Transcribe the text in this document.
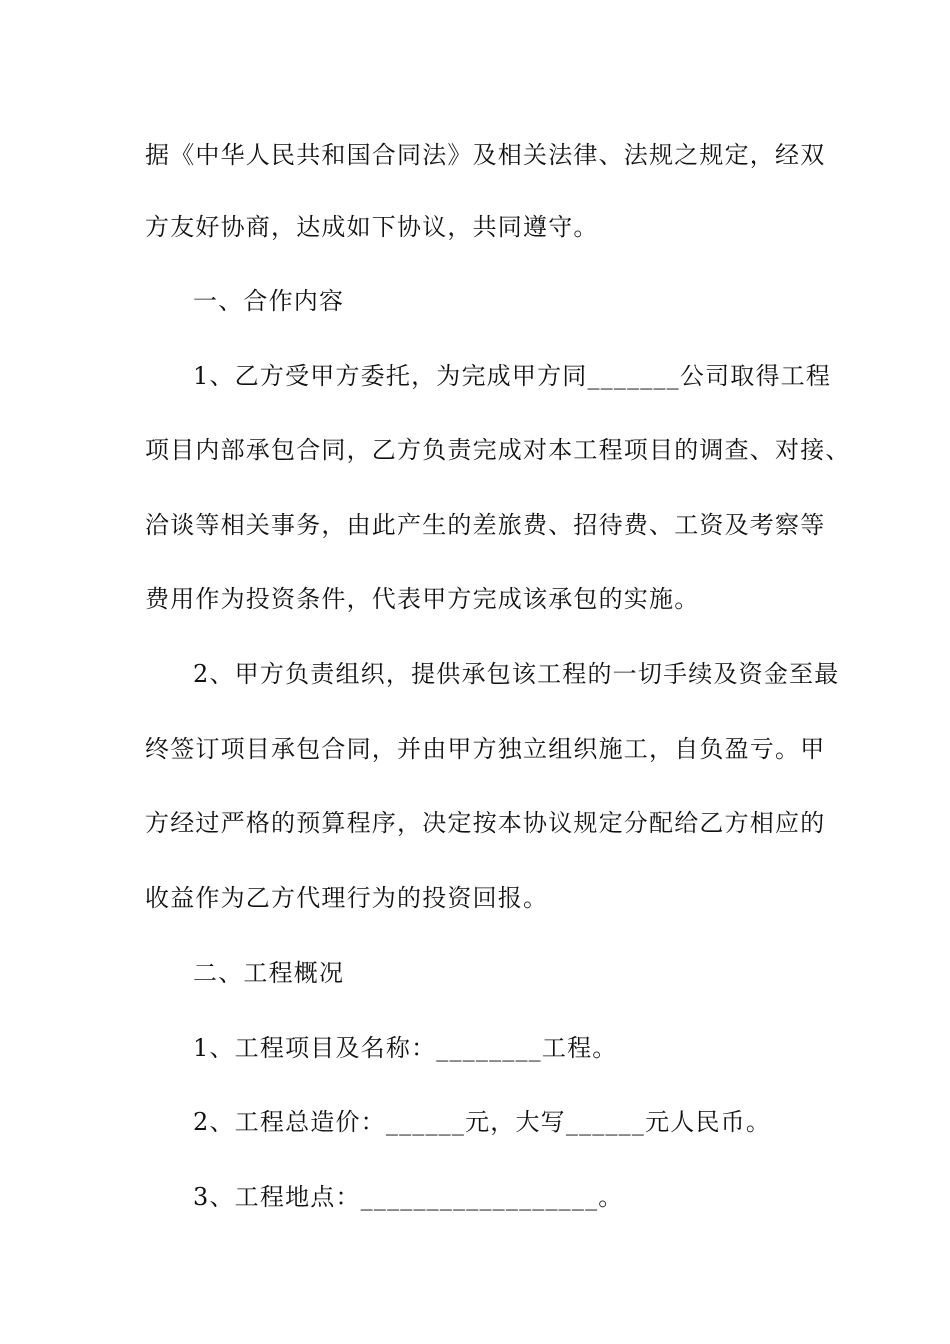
据《中华人民共和国合同法》及相关法律、法规之规定，经双
方友好协商，达成如下协议，共同遵守。
一、合作内容
1、乙方受甲方委托，为完成甲方同_______公司取得工程
项目内部承包合同，乙方负责完成对本工程项目的调查、对接、
洽谈等相关事务，由此产生的差旅费、招待费、工资及考察等
费用作为投资条件，代表甲方完成该承包的实施。
2、甲方负责组织，提供承包该工程的一切手续及资金至最
终签订项目承包合同，并由甲方独立组织施工，自负盈亏。甲
方经过严格的预算程序，决定按本协议规定分配给乙方相应的
收益作为乙方代理行为的投资回报。
二、工程概况
1、工程项目及名称：________工程。
2、工程总造价：______元，大写______元人民币。
3、工程地点：__________________。
